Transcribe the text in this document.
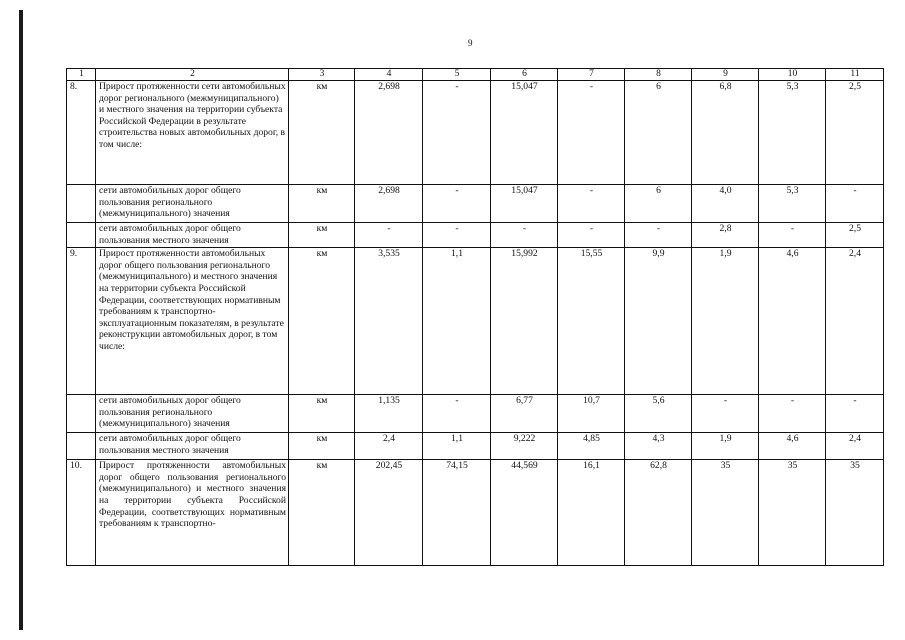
9
1	2	3	4	5	6	7	8	9	10	11
8.	Прирост протяженности сети автомобильных дорог регионального (межмуниципального) и местного значения на территории субъекта Российской Федерации в результате строительства новых автомобильных дорог, в том числе:	км	2,698	-	15,047	-	6	6,8	5,3	2,5
	сети автомобильных дорог общего пользования регионального (межмуниципального) значения	км	2,698	-	15,047	-	6	4,0	5,3	-
	сети автомобильных дорог общего пользования местного значения	км	-	-	-	-	-	2,8	-	2,5
9.	Прирост протяженности автомобильных дорог общего пользования регионального (межмуниципального) и местного значения на территории субъекта Российской Федерации, соответствующих нормативным требованиям к транспортно-эксплуатационным показателям, в результате реконструкции автомобильных дорог, в том числе:	км	3,535	1,1	15,992	15,55	9,9	1,9	4,6	2,4
	сети автомобильных дорог общего пользования регионального (межмуниципального) значения	км	1,135	-	6,77	10,7	5,6	-	-	-
	сети автомобильных дорог общего пользования местного значения	км	2,4	1,1	9,222	4,85	4,3	1,9	4,6	2,4
10.	Прирост протяженности автомобильных дорог общего пользования регионального (межмуниципального) и местного значения на территории субъекта Российской Федерации, соответствующих нормативным требованиям к транспортно-	км	202,45	74,15	44,569	16,1	62,8	35	35	35
